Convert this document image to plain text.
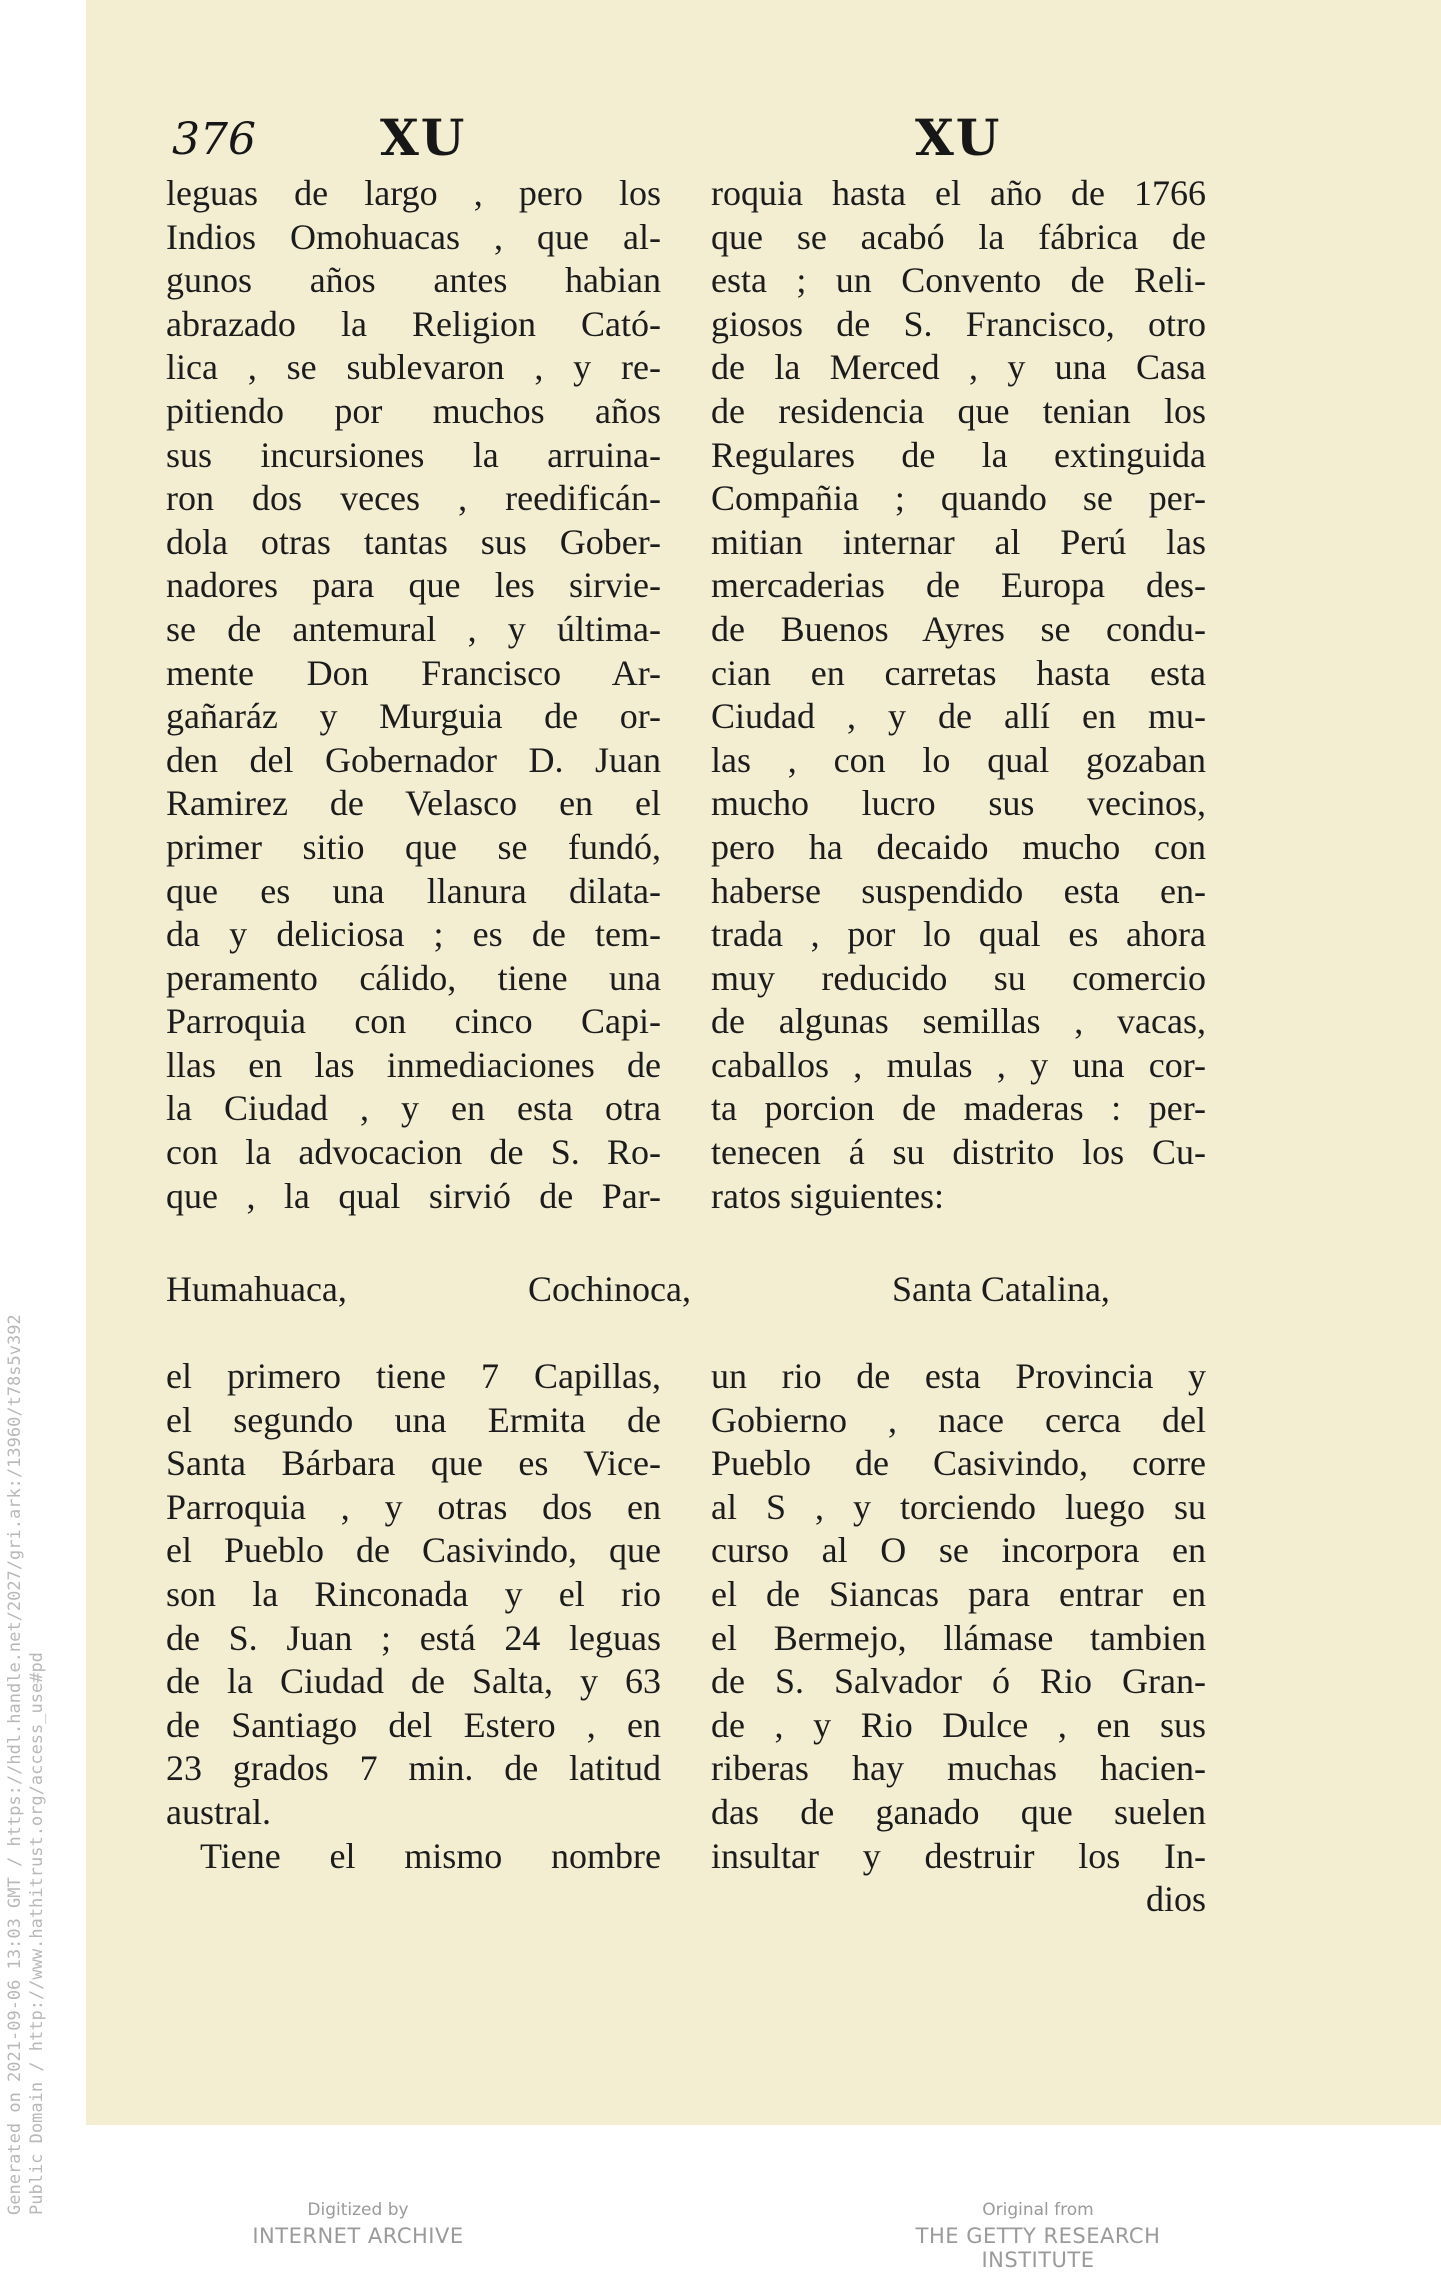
376 XU	XU
leguas de largo , pero los
Indios Omohuacas , que al-
gunos años antes habian
abrazado la Religion Cató-
lica , se sublevaron , y re-
pitiendo por muchos años
sus incursiones la arruina-
ron dos veces , reedificán-
dola otras tantas sus Gober-
nadores para que les sirvie-
se de antemural , y última-
mente Don Francisco Ar-
gañaráz y Murguia de or-
den del Gobernador D. Juan
Ramirez de Velasco en el
primer sitio que se fundó,
que es una llanura dilata-
da y deliciosa ; es de tem-
peramento cálido, tiene una
Parroquia con cinco Capi-
llas en las inmediaciones de
la Ciudad , y en esta otra
con la advocacion de S. Ro-
que , la qual sirvió de Par-
roquia hasta el año de 1766
que se acabó la fábrica de
esta ; un Convento de Reli-
giosos de S. Francisco, otro
de la Merced , y una Casa
de residencia que tenian los
Regulares de la extinguida
Compañia ; quando se per-
mitian internar al Perú las
mercaderias de Europa des-
de Buenos Ayres se condu-
cian en carretas hasta esta
Ciudad , y de allí en mu-
las , con lo qual gozaban
mucho lucro sus vecinos,
pero ha decaido mucho con
haberse suspendido esta en-
trada , por lo qual es ahora
muy reducido su comercio
de algunas semillas , vacas,
caballos , mulas , y una cor-
ta porcion de maderas : per-
tenecen á su distrito los Cu-
ratos siguientes:
Humahuaca,	Cochinoca,	Santa Catalina,
el primero tiene 7 Capillas,
el segundo una Ermita de
Santa Bárbara que es Vice-
Parroquia , y otras dos en
el Pueblo de Casivindo, que
son la Rinconada y el rio
de S. Juan ; está 24 leguas
de la Ciudad de Salta, y 63
de Santiago del Estero , en
23 grados 7 min. de latitud
austral.
Tiene el mismo nombre
un rio de esta Provincia y
Gobierno , nace cerca del
Pueblo de Casivindo, corre
al S , y torciendo luego su
curso al O se incorpora en
el de Siancas para entrar en
el Bermejo, llámase tambien
de S. Salvador ó Rio Gran-
de , y Rio Dulce , en sus
riberas hay muchas hacien-
das de ganado que suelen
insultar y destruir los In-
dios
Generated on 2021-09-06 13:03 GMT / https://hdl.handle.net/2027/gri.ark:/13960/t78s5v392 Public Domain / http://www.hathitrust.org/access_use#pd	Digitized by
INTERNET ARCHIVE
Original from
THE GETTY RESEARCH INSTITUTE
